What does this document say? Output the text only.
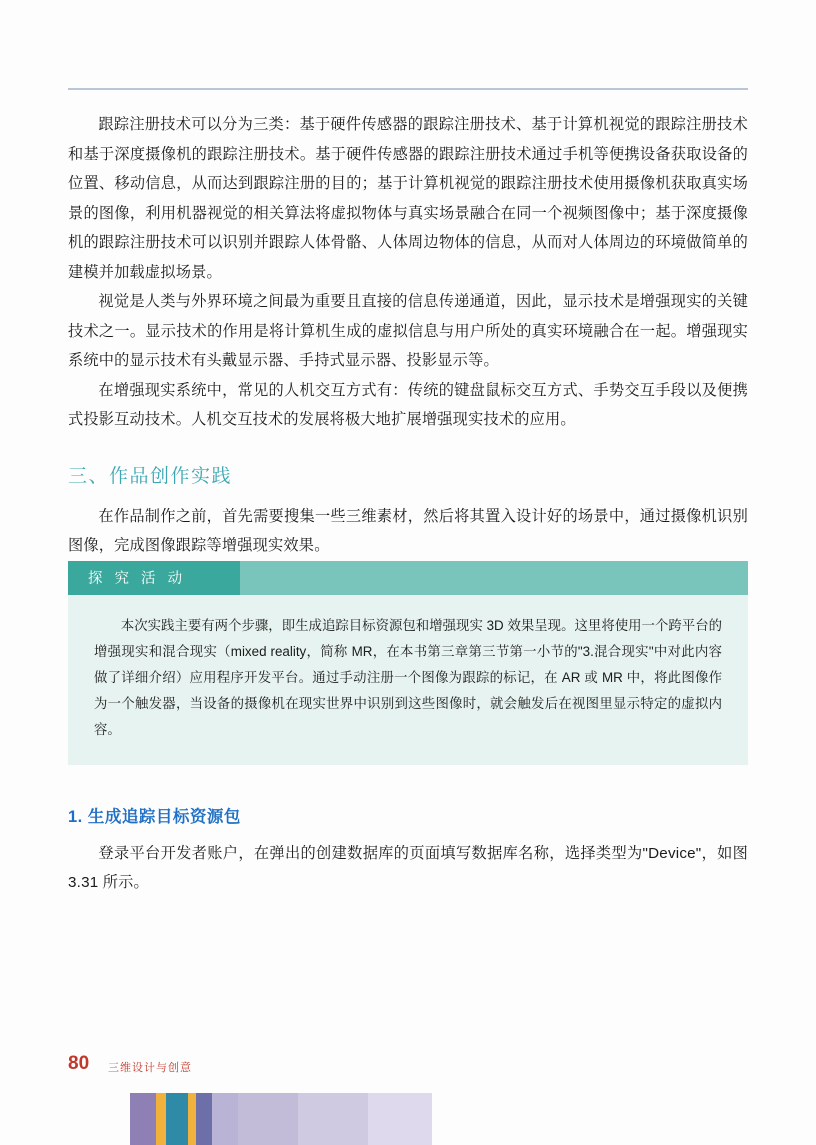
跟踪注册技术可以分为三类：基于硬件传感器的跟踪注册技术、基于计算机视觉的跟踪注册技术和基于深度摄像机的跟踪注册技术。基于硬件传感器的跟踪注册技术通过手机等便携设备获取设备的位置、移动信息，从而达到跟踪注册的目的；基于计算机视觉的跟踪注册技术使用摄像机获取真实场景的图像，利用机器视觉的相关算法将虚拟物体与真实场景融合在同一个视频图像中；基于深度摄像机的跟踪注册技术可以识别并跟踪人体骨骼、人体周边物体的信息，从而对人体周边的环境做简单的建模并加载虚拟场景。

视觉是人类与外界环境之间最为重要且直接的信息传递通道，因此，显示技术是增强现实的关键技术之一。显示技术的作用是将计算机生成的虚拟信息与用户所处的真实环境融合在一起。增强现实系统中的显示技术有头戴显示器、手持式显示器、投影显示等。

在增强现实系统中，常见的人机交互方式有：传统的键盘鼠标交互方式、手势交互手段以及便携式投影互动技术。人机交互技术的发展将极大地扩展增强现实技术的应用。

三、作品创作实践

在作品制作之前，首先需要搜集一些三维素材，然后将其置入设计好的场景中，通过摄像机识别图像，完成图像跟踪等增强现实效果。

探 究 活 动

本次实践主要有两个步骤，即生成追踪目标资源包和增强现实 3D 效果呈现。这里将使用一个跨平台的增强现实和混合现实（mixed reality，简称 MR，在本书第三章第三节第一小节的"3.混合现实"中对此内容做了详细介绍）应用程序开发平台。通过手动注册一个图像为跟踪的标记，在 AR 或 MR 中，将此图像作为一个触发器，当设备的摄像机在现实世界中识别到这些图像时，就会触发后在视图里显示特定的虚拟内容。

1. 生成追踪目标资源包

登录平台开发者账户，在弹出的创建数据库的页面填写数据库名称，选择类型为"Device"，如图 3.31 所示。

80 三维设计与创意
